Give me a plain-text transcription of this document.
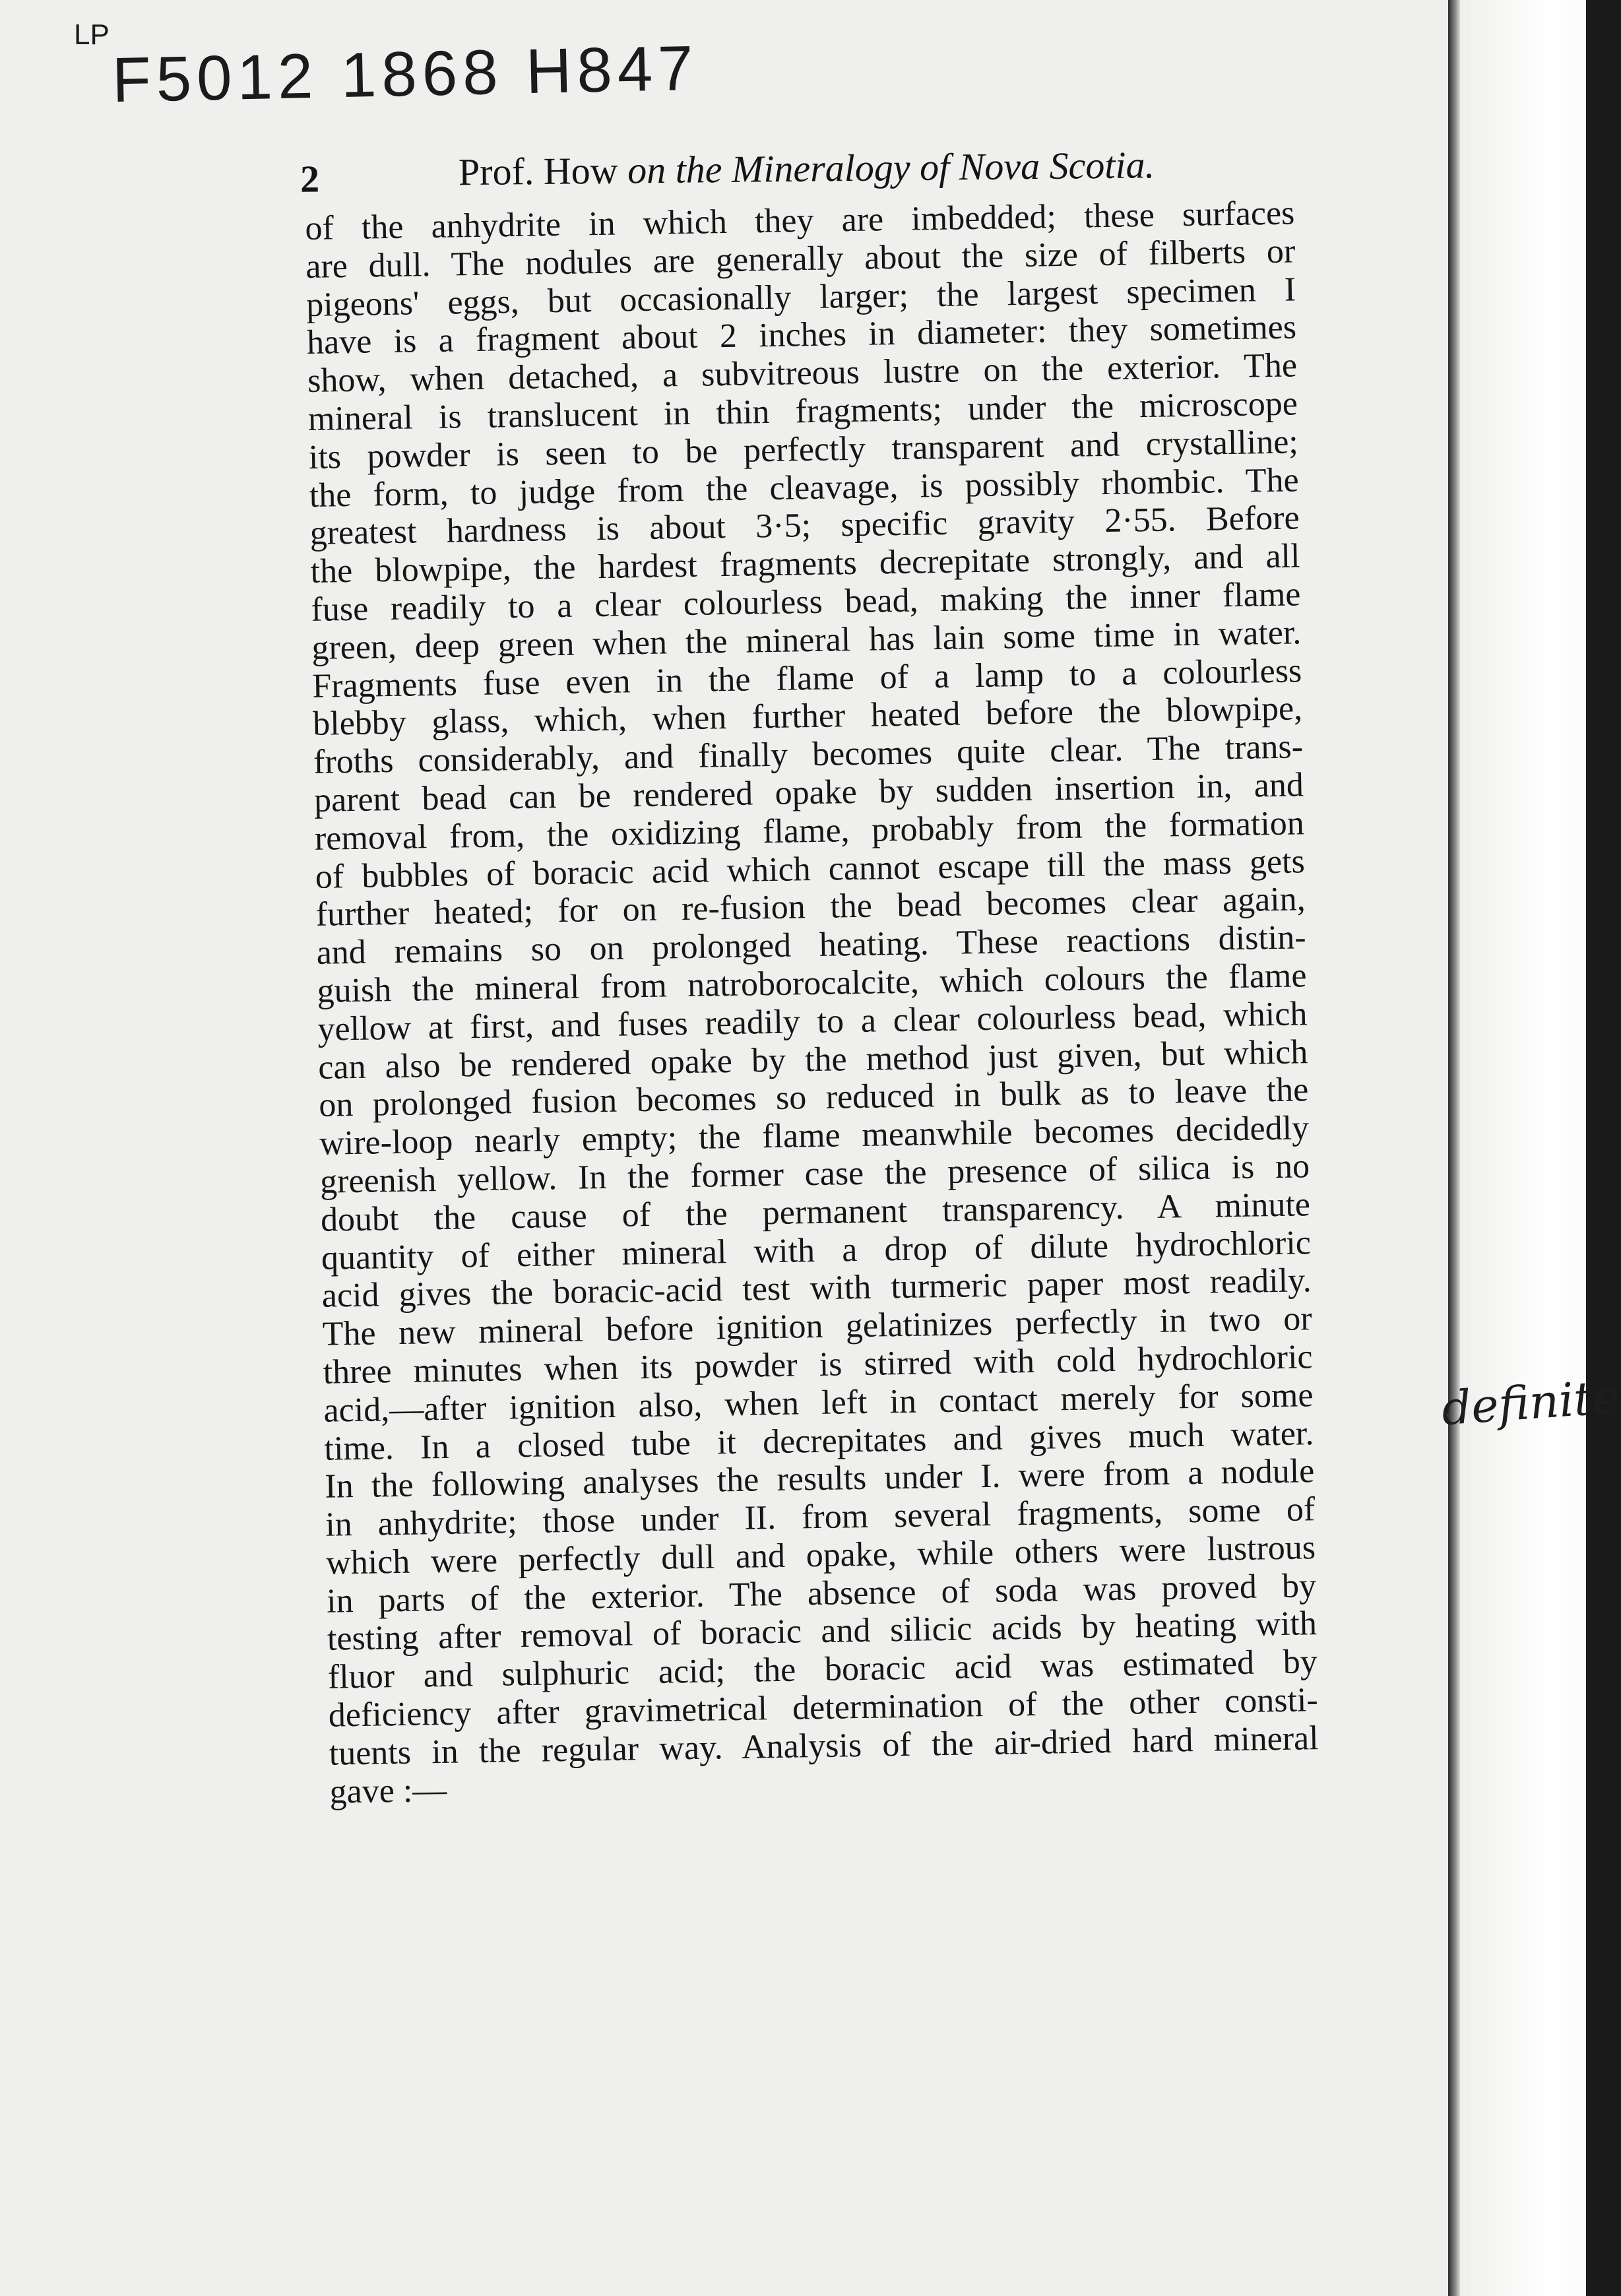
LP F5012 1868 H847
2	Prof. How on the Mineralogy of Nova Scotia.
of the anhydrite in which they are imbedded; these surfaces
are dull. The nodules are generally about the size of filberts or
pigeons' eggs, but occasionally larger; the largest specimen I
have is a fragment about 2 inches in diameter: they sometimes
show, when detached, a subvitreous lustre on the exterior. The
mineral is translucent in thin fragments; under the microscope
its powder is seen to be perfectly transparent and crystalline;
the form, to judge from the cleavage, is possibly rhombic. The
greatest hardness is about 3·5; specific gravity 2·55. Before
the blowpipe, the hardest fragments decrepitate strongly, and all
fuse readily to a clear colourless bead, making the inner flame
green, deep green when the mineral has lain some time in water.
Fragments fuse even in the flame of a lamp to a colourless
blebby glass, which, when further heated before the blowpipe,
froths considerably, and finally becomes quite clear. The trans-
parent bead can be rendered opake by sudden insertion in, and
removal from, the oxidizing flame, probably from the formation
of bubbles of boracic acid which cannot escape till the mass gets
further heated; for on re-fusion the bead becomes clear again,
and remains so on prolonged heating. These reactions distin-
guish the mineral from natroborocalcite, which colours the flame
yellow at first, and fuses readily to a clear colourless bead, which
can also be rendered opake by the method just given, but which
on prolonged fusion becomes so reduced in bulk as to leave the
wire-loop nearly empty; the flame meanwhile becomes decidedly
greenish yellow. In the former case the presence of silica is no
doubt the cause of the permanent transparency. A minute
quantity of either mineral with a drop of dilute hydrochloric
acid gives the boracic-acid test with turmeric paper most readily.
The new mineral before ignition gelatinizes perfectly in two or
three minutes when its powder is stirred with cold hydrochloric
acid,—after ignition also, when left in contact merely for some
time. In a closed tube it decrepitates and gives much water.
In the following analyses the results under I. were from a nodule
in anhydrite; those under II. from several fragments, some of
which were perfectly dull and opake, while others were lustrous
in parts of the exterior. The absence of soda was proved by
testing after removal of boracic and silicic acids by heating with
fluor and sulphuric acid; the boracic acid was estimated by
deficiency after gravimetrical determination of the other consti-
tuents in the regular way. Analysis of the air-dried hard mineral
gave :—
definite
